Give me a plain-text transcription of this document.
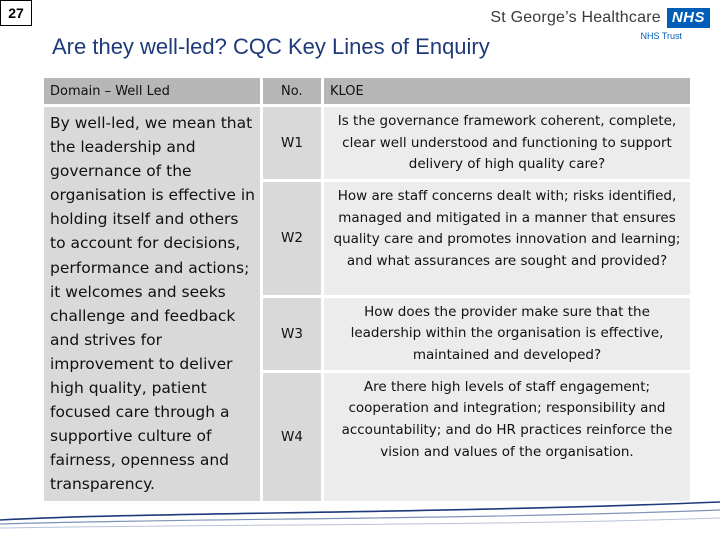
27	St George’s Healthcare NHS
NHS Trust
Are they well-led? CQC Key Lines of Enquiry
Domain – Well Led	No.	KLOE
By well-led, we mean that the leadership and governance of the organisation is effective in holding itself and others to account for decisions, performance and actions; it welcomes and seeks challenge and feedback and strives for improvement to deliver high quality, patient focused care through a supportive culture of fairness, openness and transparency.	W1	Is the governance framework coherent, complete, clear well understood and functioning to support delivery of high quality care?
	W2	How are staff concerns dealt with; risks identified, managed and mitigated in a manner that ensures quality care and promotes innovation and learning; and what assurances are sought and provided?
	W3	How does the provider make sure that the leadership within the organisation is effective, maintained and developed?
	W4	Are there high levels of staff engagement; cooperation and integration; responsibility and accountability; and do HR practices reinforce the vision and values of the organisation.
